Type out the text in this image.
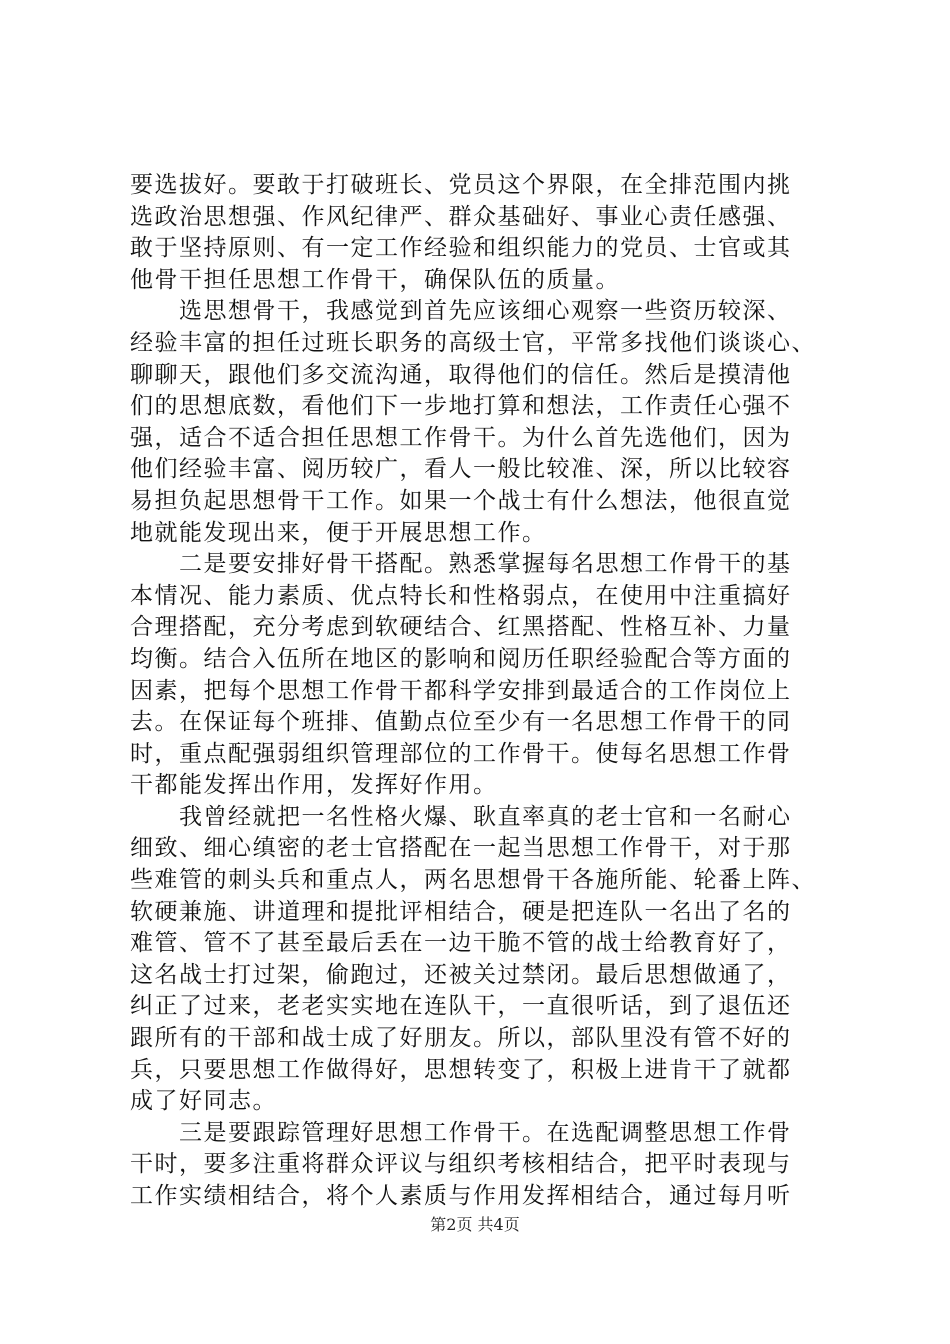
要选拔好。要敢于打破班长、党员这个界限，在全排范围内挑
选政治思想强、作风纪律严、群众基础好、事业心责任感强、
敢于坚持原则、有一定工作经验和组织能力的党员、士官或其
他骨干担任思想工作骨干，确保队伍的质量。
　　选思想骨干，我感觉到首先应该细心观察一些资历较深、
经验丰富的担任过班长职务的高级士官，平常多找他们谈谈心、
聊聊天，跟他们多交流沟通，取得他们的信任。然后是摸清他
们的思想底数，看他们下一步地打算和想法，工作责任心强不
强，适合不适合担任思想工作骨干。为什么首先选他们，因为
他们经验丰富、阅历较广，看人一般比较准、深，所以比较容
易担负起思想骨干工作。如果一个战士有什么想法，他很直觉
地就能发现出来，便于开展思想工作。
　　二是要安排好骨干搭配。熟悉掌握每名思想工作骨干的基
本情况、能力素质、优点特长和性格弱点，在使用中注重搞好
合理搭配，充分考虑到软硬结合、红黑搭配、性格互补、力量
均衡。结合入伍所在地区的影响和阅历任职经验配合等方面的
因素，把每个思想工作骨干都科学安排到最适合的工作岗位上
去。在保证每个班排、值勤点位至少有一名思想工作骨干的同
时，重点配强弱组织管理部位的工作骨干。使每名思想工作骨
干都能发挥出作用，发挥好作用。
　　我曾经就把一名性格火爆、耿直率真的老士官和一名耐心
细致、细心缜密的老士官搭配在一起当思想工作骨干，对于那
些难管的刺头兵和重点人，两名思想骨干各施所能、轮番上阵、
软硬兼施、讲道理和提批评相结合，硬是把连队一名出了名的
难管、管不了甚至最后丢在一边干脆不管的战士给教育好了，
这名战士打过架，偷跑过，还被关过禁闭。最后思想做通了，
纠正了过来，老老实实地在连队干，一直很听话，到了退伍还
跟所有的干部和战士成了好朋友。所以，部队里没有管不好的
兵，只要思想工作做得好，思想转变了，积极上进肯干了就都
成了好同志。
　　三是要跟踪管理好思想工作骨干。在选配调整思想工作骨
干时，要多注重将群众评议与组织考核相结合，把平时表现与
工作实绩相结合，将个人素质与作用发挥相结合，通过每月听
第2页 共4页
